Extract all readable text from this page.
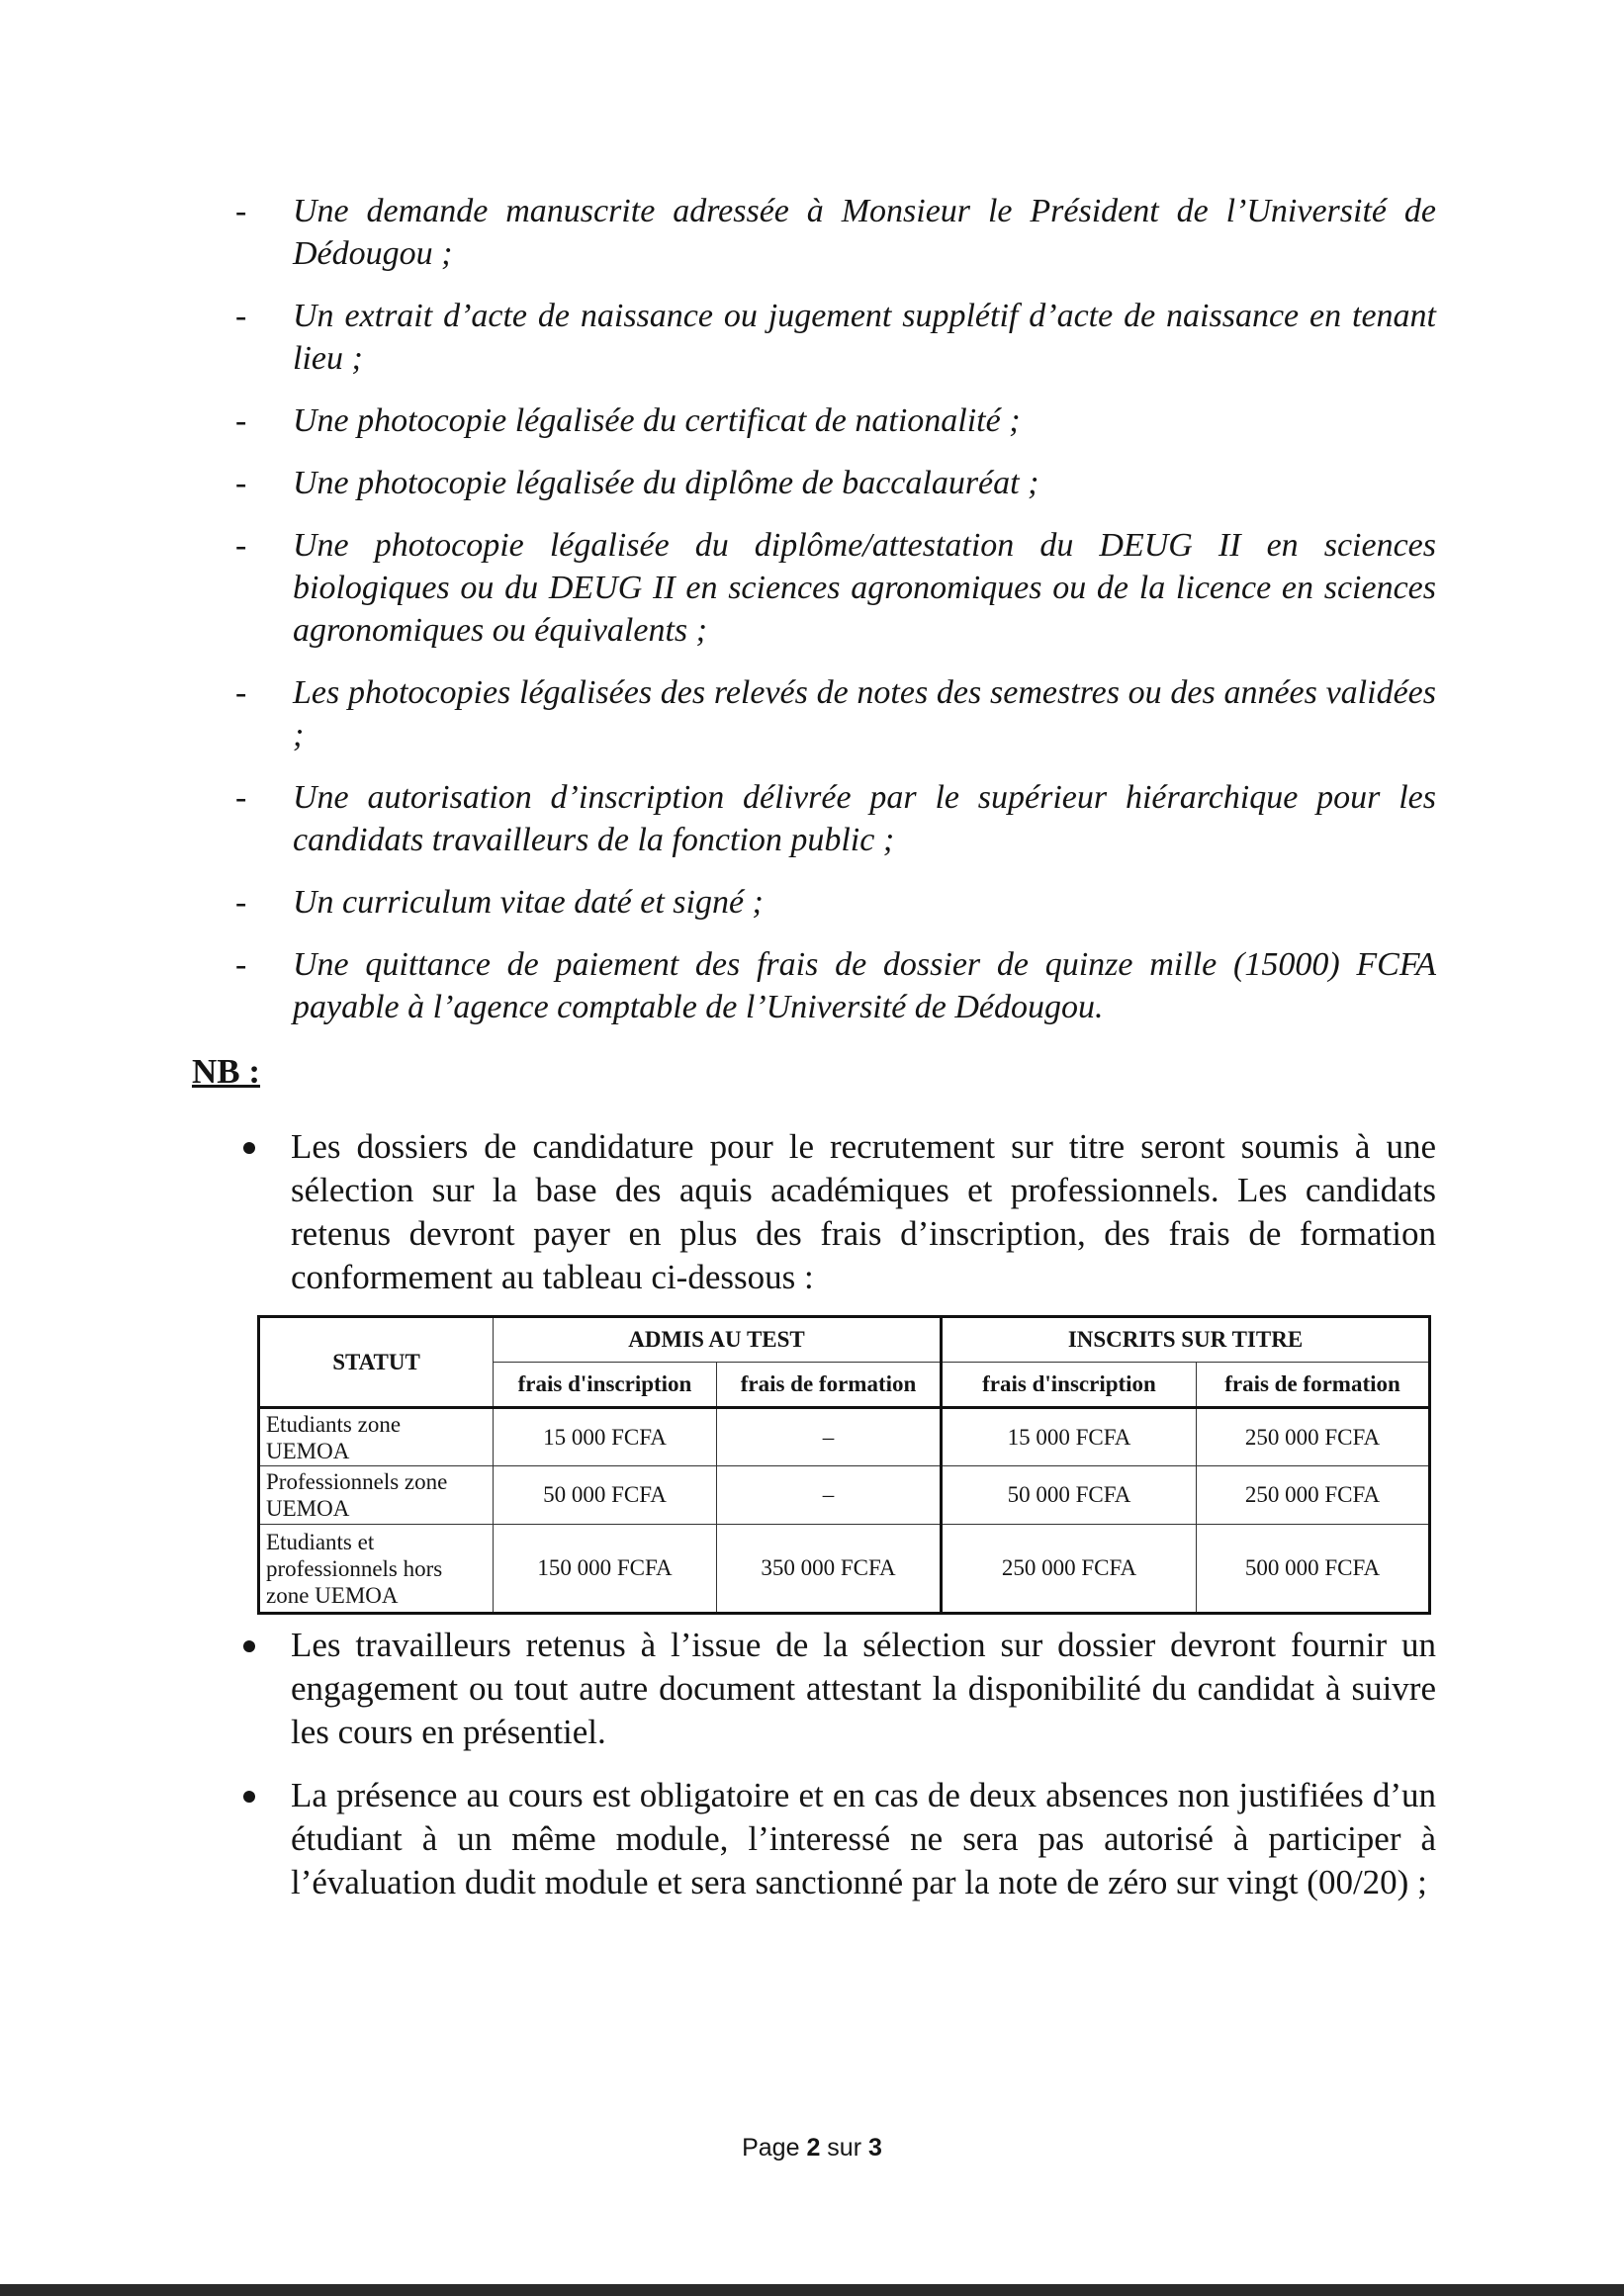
- Une demande manuscrite adressée à Monsieur le Président de l’Université de Dédougou ;
- Un extrait d’acte de naissance ou jugement supplétif d’acte de naissance en tenant lieu ;
- Une photocopie légalisée du certificat de nationalité ;
- Une photocopie légalisée du diplôme de baccalauréat ;
- Une photocopie légalisée du diplôme/attestation du DEUG II en sciences biologiques ou du DEUG II en sciences agronomiques ou de la licence en sciences agronomiques ou équivalents ;
- Les photocopies légalisées des relevés de notes des semestres ou des années validées ;
- Une autorisation d’inscription délivrée par le supérieur hiérarchique pour les candidats travailleurs de la fonction public ;
- Un curriculum vitae daté et signé ;
- Une quittance de paiement des frais de dossier de quinze mille (15000) FCFA payable à l’agence comptable de l’Université de Dédougou.
NB :
Les dossiers de candidature pour le recrutement sur titre seront soumis à une sélection sur la base des aquis académiques et professionnels. Les candidats retenus devront payer en plus des frais d’inscription, des frais de formation conformement au tableau ci-dessous :
STATUT	ADMIS AU TEST		INSCRITS SUR TITRE	
	frais d'inscription	frais de formation	frais d'inscription	frais de formation
Etudiants zone UEMOA	15 000 FCFA	–	15 000 FCFA	250 000 FCFA
Professionnels zone UEMOA	50 000 FCFA	–	50 000 FCFA	250 000 FCFA
Etudiants et professionnels hors zone UEMOA	150 000 FCFA	350 000 FCFA	250 000 FCFA	500 000 FCFA
Les travailleurs retenus à l’issue de la sélection sur dossier devront fournir un engagement ou tout autre document attestant la disponibilité du candidat à suivre les cours en présentiel.
La présence au cours est obligatoire et en cas de deux absences non justifiées d’un étudiant à un même module, l’interessé ne sera pas autorisé à participer à l’évaluation dudit module et sera sanctionné par la note de zéro sur vingt (00/20) ;
Page 2 sur 3
